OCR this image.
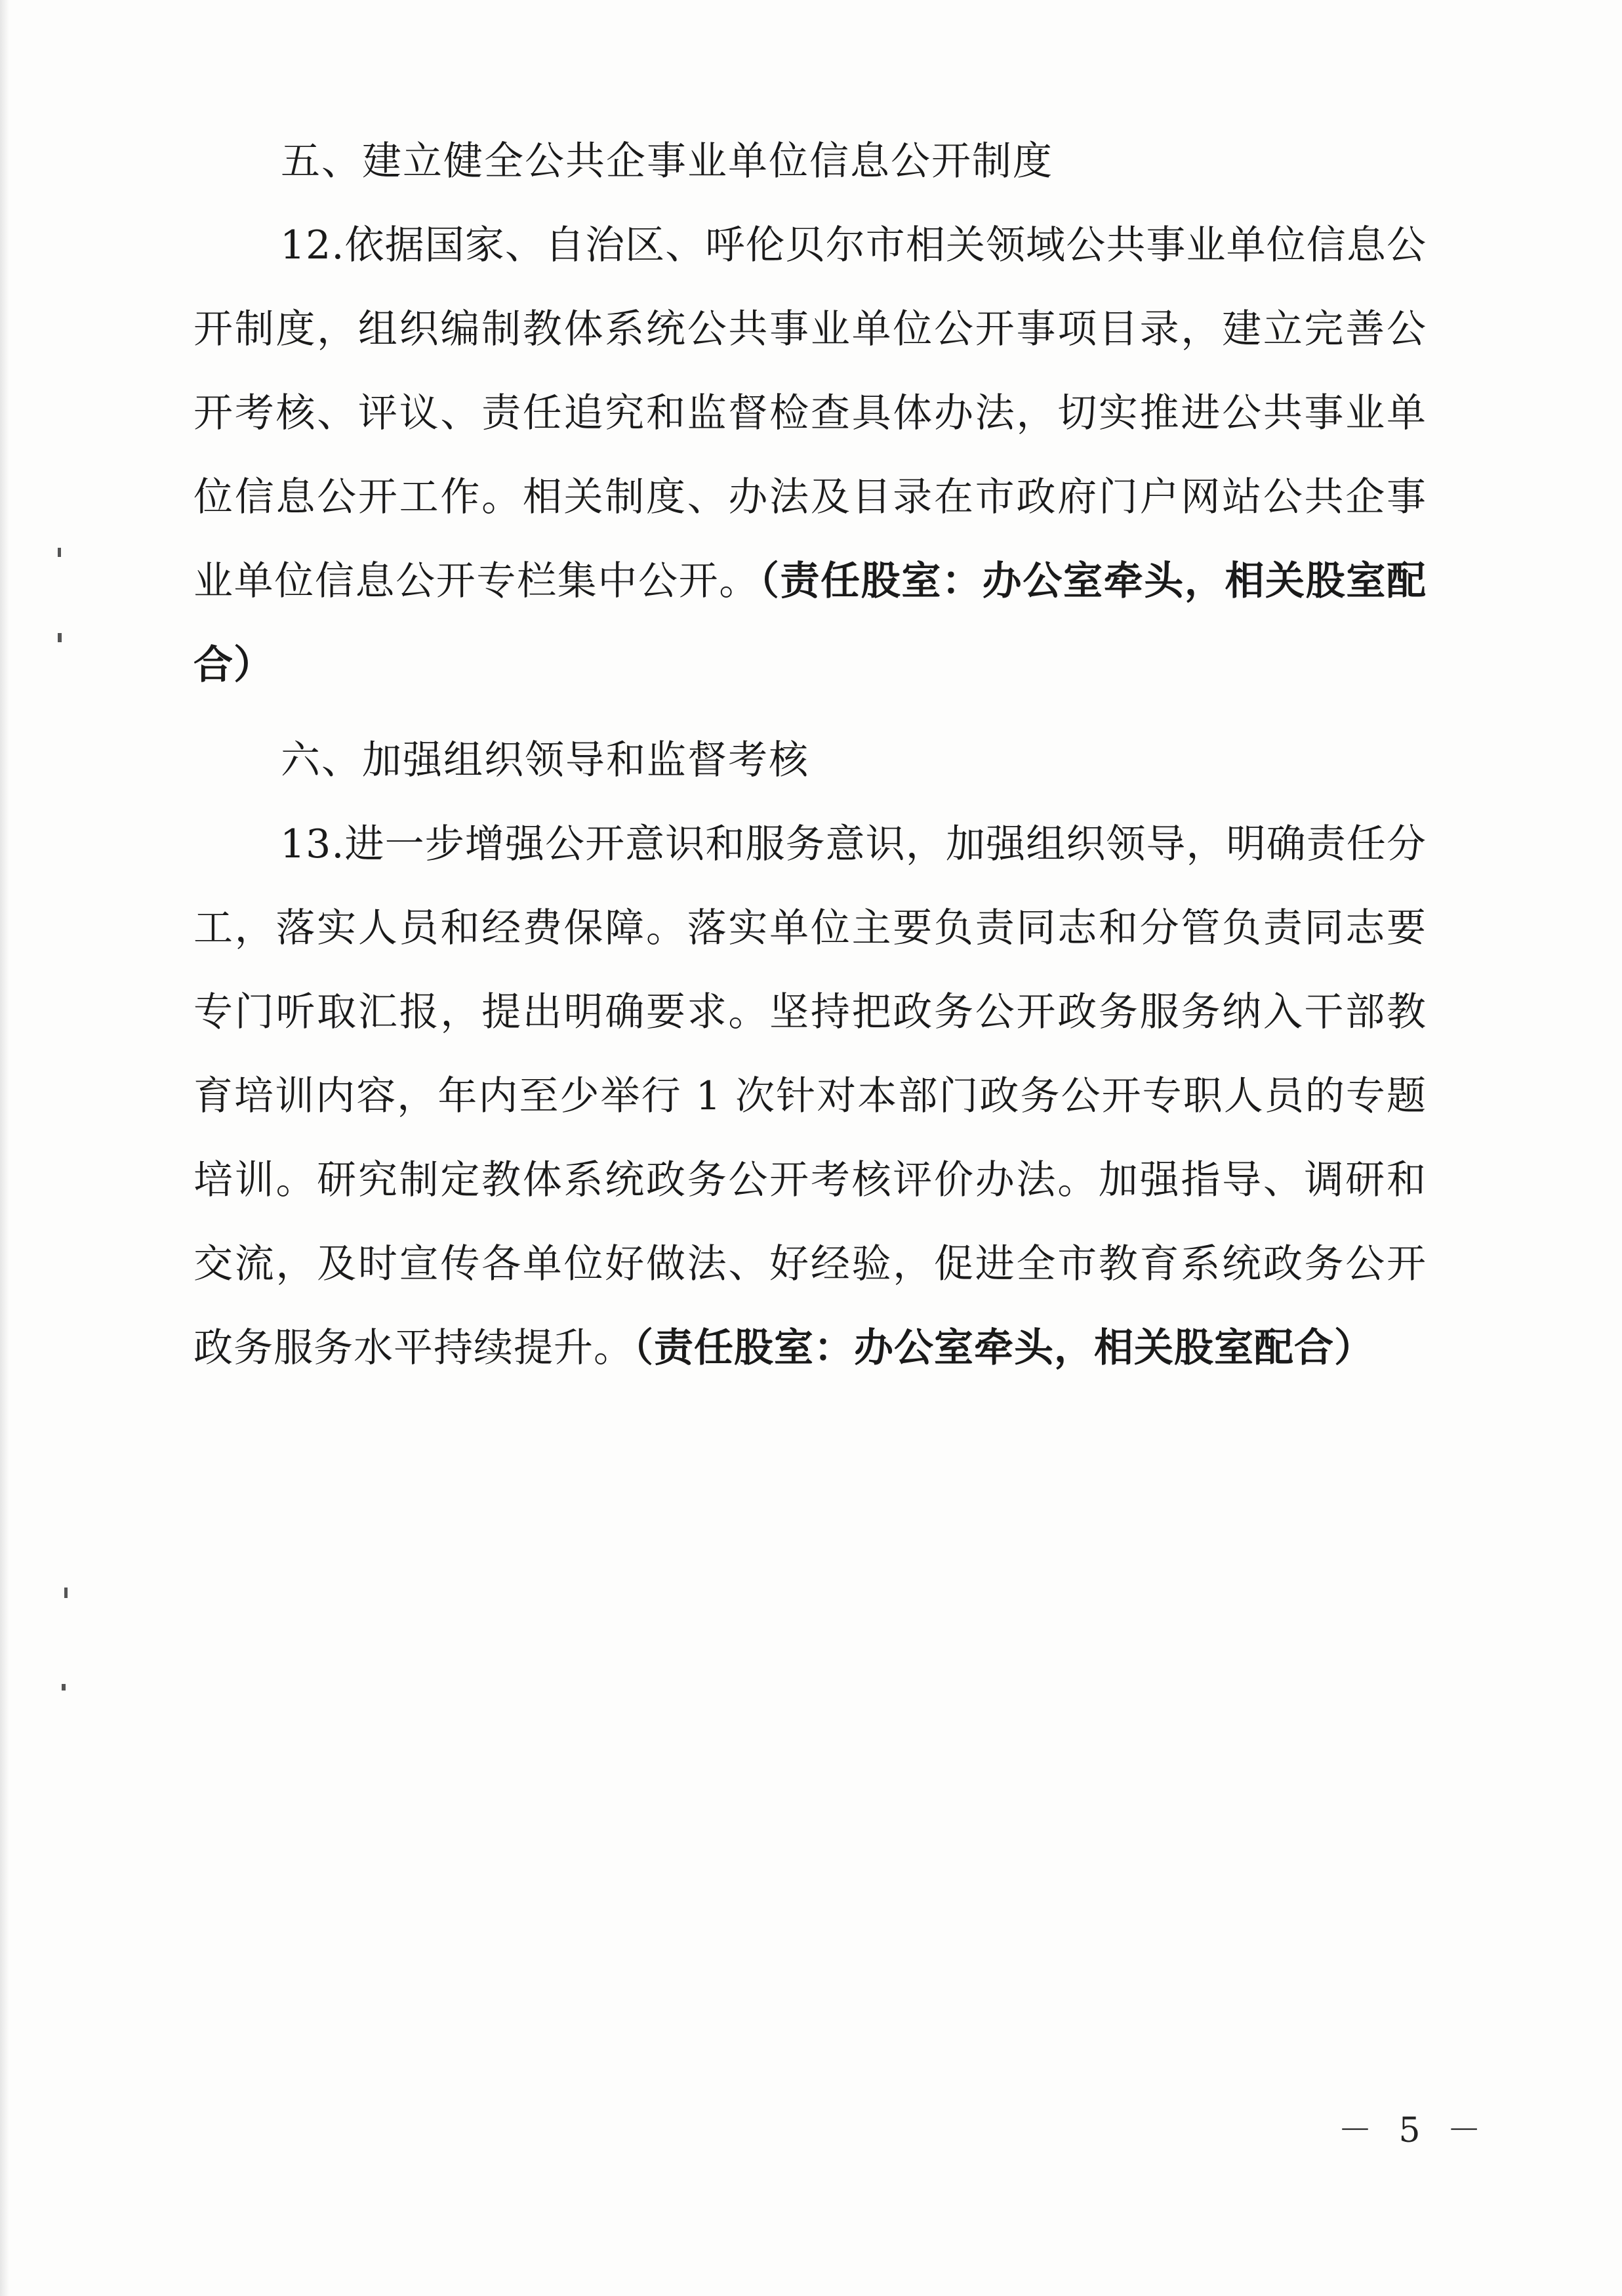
五、建立健全公共企事业单位信息公开制度

12.依据国家、自治区、呼伦贝尔市相关领域公共事业单位信息公开制度，组织编制教体系统公共事业单位公开事项目录，建立完善公开考核、评议、责任追究和监督检查具体办法，切实推进公共事业单位信息公开工作。相关制度、办法及目录在市政府门户网站公共企事业单位信息公开专栏集中公开。（责任股室：办公室牵头，相关股室配合）

六、加强组织领导和监督考核

13.进一步增强公开意识和服务意识，加强组织领导，明确责任分工，落实人员和经费保障。落实单位主要负责同志和分管负责同志要专门听取汇报，提出明确要求。坚持把政务公开政务服务纳入干部教育培训内容，年内至少举行 1 次针对本部门政务公开专职人员的专题培训。研究制定教体系统政务公开考核评价办法。加强指导、调研和交流，及时宣传各单位好做法、好经验，促进全市教育系统政务公开政务服务水平持续提升。（责任股室：办公室牵头，相关股室配合）

－ 5 －
